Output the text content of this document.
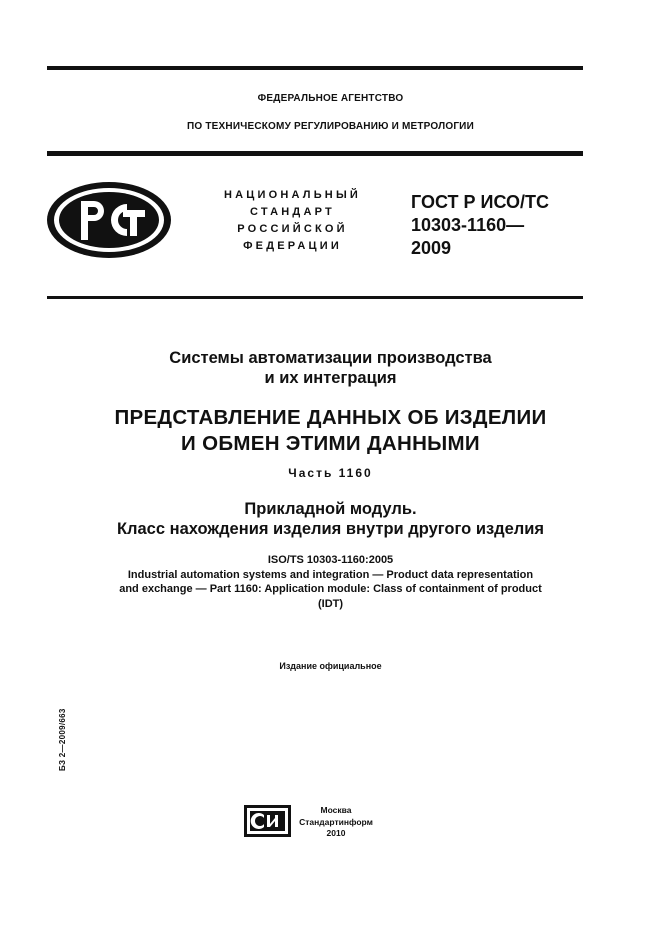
ФЕДЕРАЛЬНОЕ АГЕНТСТВО
ПО ТЕХНИЧЕСКОМУ РЕГУЛИРОВАНИЮ И МЕТРОЛОГИИ
НАЦИОНАЛЬНЫЙ
СТАНДАРТ
РОССИЙСКОЙ
ФЕДЕРАЦИИ
ГОСТ Р ИСО/ТС
10303-1160—
2009
Системы автоматизации производства
и их интеграция
ПРЕДСТАВЛЕНИЕ ДАННЫХ ОБ ИЗДЕЛИИ
И ОБМЕН ЭТИМИ ДАННЫМИ
Часть 1160
Прикладной модуль.
Класс нахождения изделия внутри другого изделия
ISO/TS 10303-1160:2005
Industrial automation systems and integration — Product data representation
and exchange — Part 1160: Application module: Class of containment of product
(IDT)
Издание официальное
БЗ 2—2009/663
Москва
Стандартинформ
2010
